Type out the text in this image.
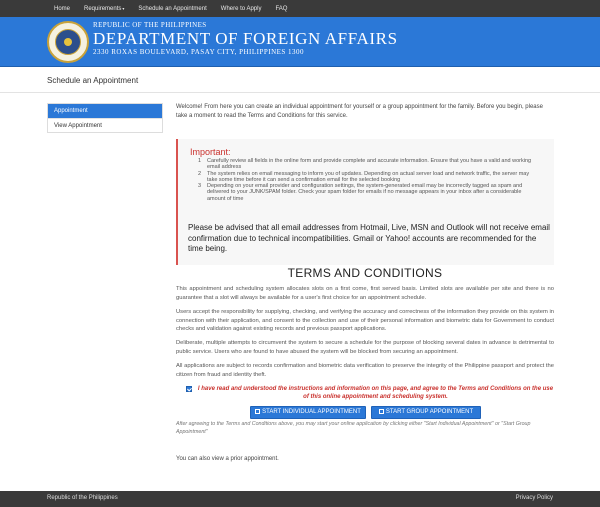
Home Requirements▾ Schedule an Appointment Where to Apply FAQ
REPUBLIC OF THE PHILIPPINES
DEPARTMENT OF FOREIGN AFFAIRS
2330 ROXAS BOULEVARD, PASAY CITY, PHILIPPINES 1300
Schedule an Appointment
Appointment
View Appointment
Welcome! From here you can create an individual appointment for yourself or a group appointment for the family. Before you begin, please take a moment to read the Terms and Conditions for this service.
Important:
1	Carefully review all fields in the online form and provide complete and accurate information. Ensure that you have a valid and working email address
2	The system relies on email messaging to inform you of updates. Depending on actual server load and network traffic, the server may take some time before it can send a confirmation email for the selected booking
3	Depending on your email provider and configuration settings, the system-generated email may be incorrectly tagged as spam and delivered to your JUNK/SPAM folder. Check your spam folder for emails if no message appears in your inbox after a considerable amount of time
Please be advised that all email addresses from Hotmail, Live, MSN and Outlook will not receive email confirmation due to technical incompatibilities. Gmail or Yahoo! accounts are recommended for the time being.
TERMS AND CONDITIONS

This appointment and scheduling system allocates slots on a first come, first served basis. Limited slots are available per site and there is no guarantee that a slot will always be available for a user's first choice for an appointment schedule.

Users accept the responsibility for supplying, checking, and verifying the accuracy and correctness of the information they provide on this system in connection with their application, and consent to the collection and use of their personal information and biometric data for Government to conduct checks and validation against existing records and previous passport applications.

Deliberate, multiple attempts to circumvent the system to secure a schedule for the purpose of blocking several dates in advance is detrimental to public service. Users who are found to have abused the system will be blocked from securing an appointment.

All applications are subject to records confirmation and biometric data verification to preserve the integrity of the Philippine passport and protect the citizen from fraud and identity theft.

I have read and understood the instructions and information on this page, and agree to the Terms and Conditions on the use of this online appointment and scheduling system.
START INDIVIDUAL APPOINTMENT	START GROUP APPOINTMENT
After agreeing to the Terms and Conditions above, you may start your online application by clicking either "Start Individual Appointment" or "Start Group Appointment"
You can also view a prior appointment.
Republic of the Philippines	Privacy Policy
